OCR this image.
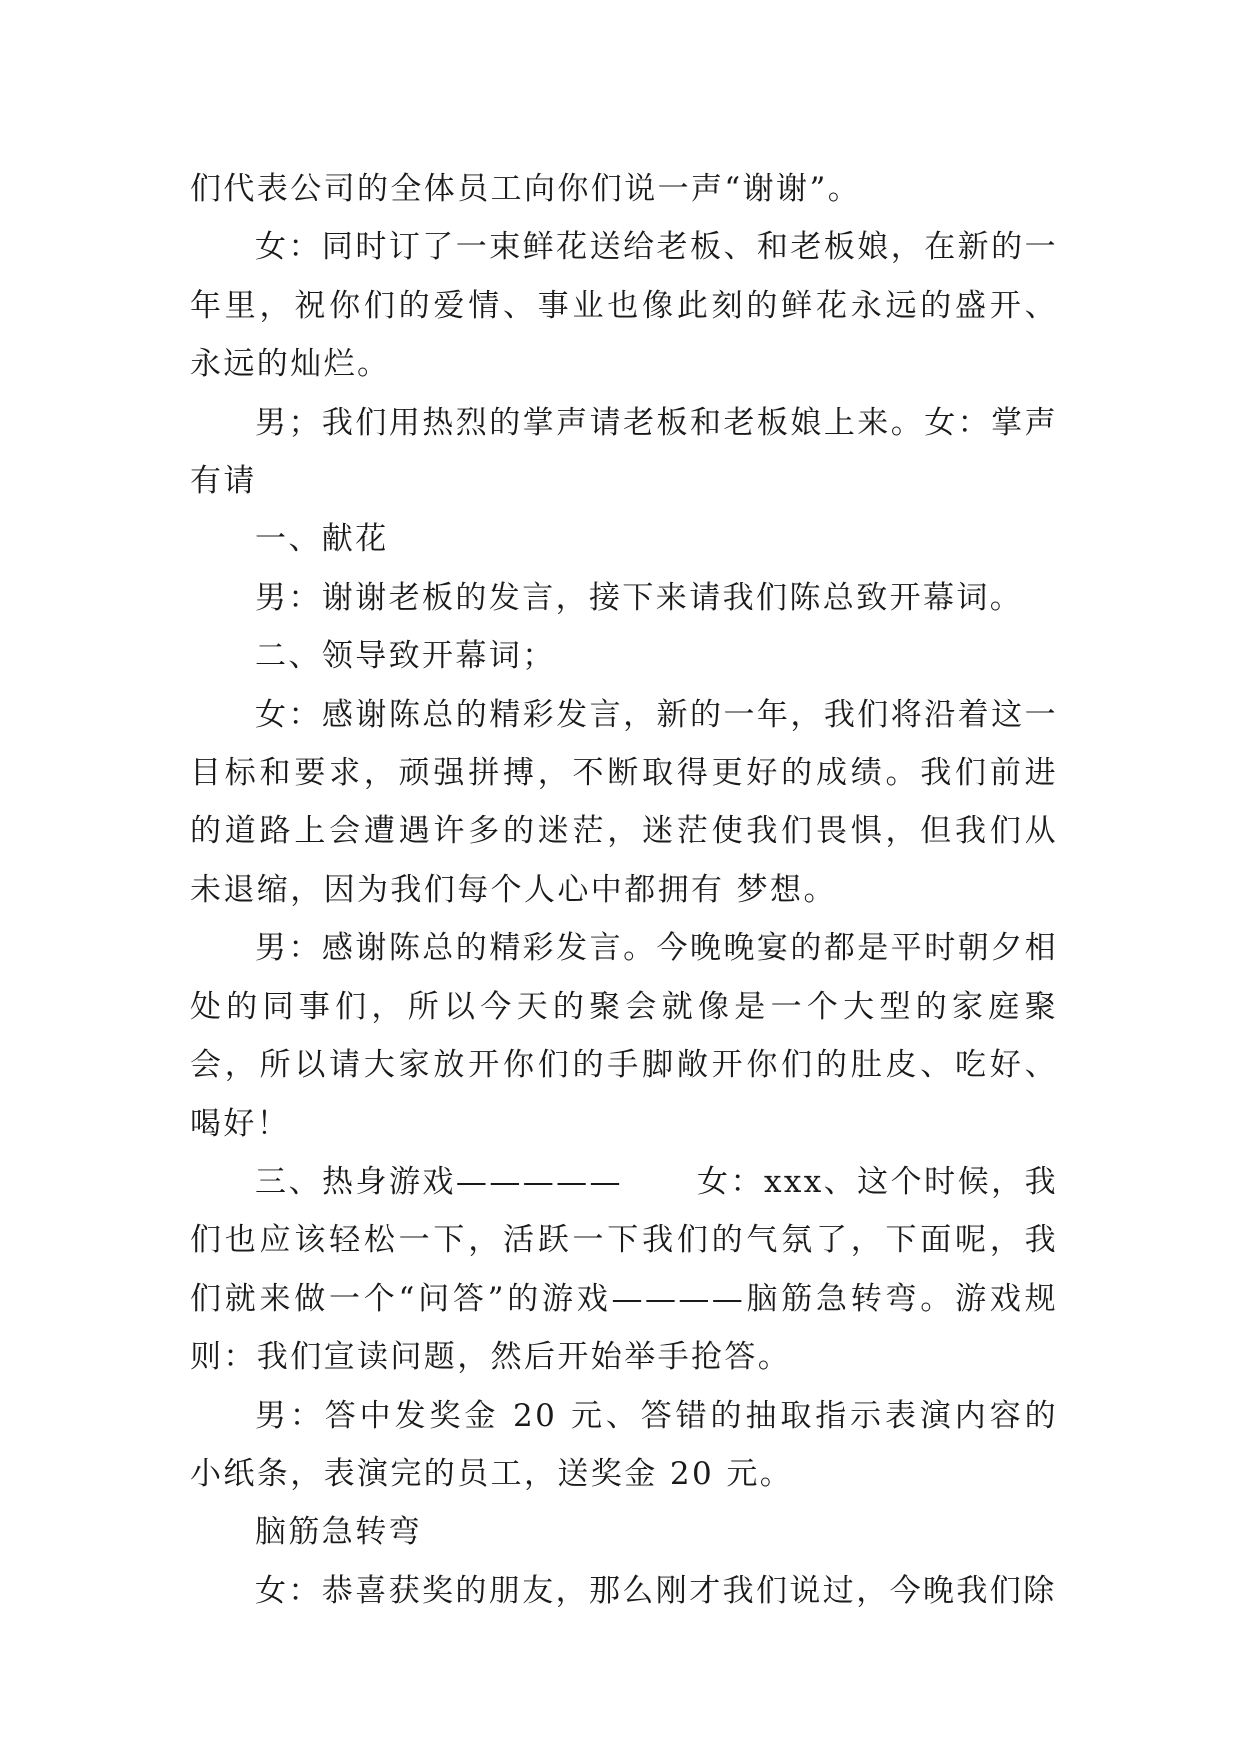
们代表公司的全体员工向你们说一声“谢谢”。

女：同时订了一束鲜花送给老板、和老板娘，在新的一年里，祝你们的爱情、事业也像此刻的鲜花永远的盛开、永远的灿烂。

男；我们用热烈的掌声请老板和老板娘上来。女：掌声有请

一、献花

男：谢谢老板的发言，接下来请我们陈总致开幕词。

二、领导致开幕词；

女：感谢陈总的精彩发言，新的一年，我们将沿着这一目标和要求，顽强拼搏，不断取得更好的成绩。我们前进的道路上会遭遇许多的迷茫，迷茫使我们畏惧，但我们从未退缩，因为我们每个人心中都拥有 梦想。

男：感谢陈总的精彩发言。今晚晚宴的都是平时朝夕相处的同事们，所以今天的聚会就像是一个大型的家庭聚会，所以请大家放开你们的手脚敞开你们的肚皮、吃好、喝好！

三、热身游戏—————      女：xxx、这个时候，我们也应该轻松一下，活跃一下我们的气氛了，下面呢，我们就来做一个“问答”的游戏————脑筋急转弯。游戏规则：我们宣读问题，然后开始举手抢答。

男：答中发奖金 20 元、答错的抽取指示表演内容的小纸条，表演完的员工，送奖金 20 元。

脑筋急转弯

女：恭喜获奖的朋友，那么刚才我们说过，今晚我们除
